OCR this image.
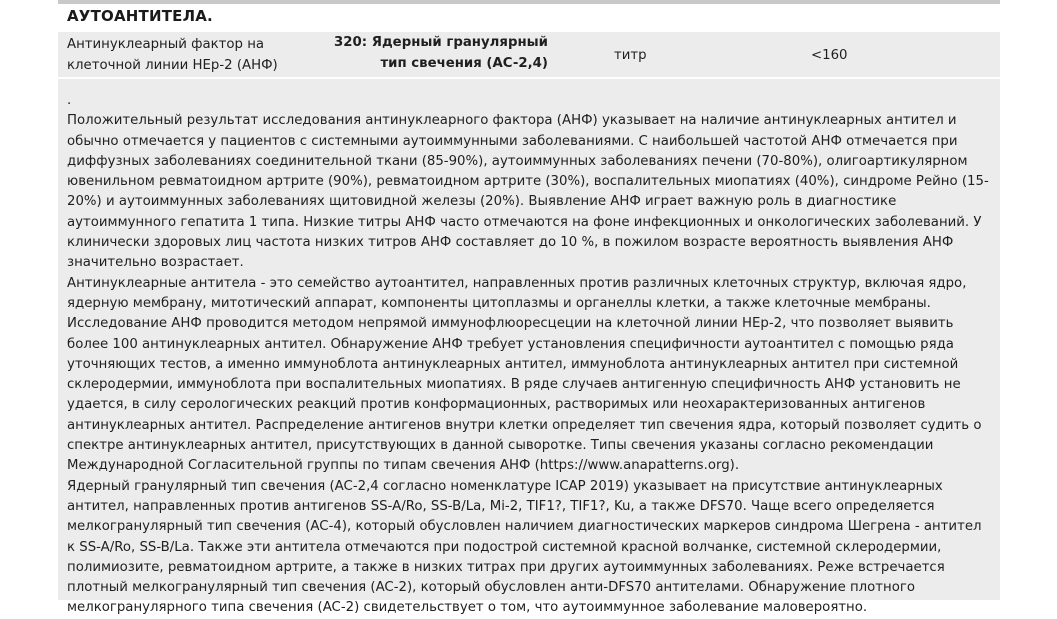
АУТОАНТИТЕЛА.
Антинуклеарный фактор на клеточной линии HEp-2 (АНФ)
320: Ядерный гранулярный
тип свечения (AC-2,4)
титр	<160

.

Положительный результат исследования антинуклеарного фактора (АНФ) указывает на наличие антинуклеарных антител и обычно отмечается у пациентов с системными аутоиммунными заболеваниями. С наибольшей частотой АНФ отмечается при диффузных заболеваниях соединительной ткани (85-90%), аутоиммунных заболеваниях печени (70-80%), олигоартикулярном ювенильном ревматоидном артрите (90%), ревматоидном артрите (30%), воспалительных миопатиях (40%), синдроме Рейно (15-20%) и аутоиммунных заболеваниях щитовидной железы (20%). Выявление АНФ играет важную роль в диагностике аутоиммунного гепатита 1 типа. Низкие титры АНФ часто отмечаются на фоне инфекционных и онкологических заболеваний. У клинически здоровых лиц частота низких титров АНФ составляет до 10 %, в пожилом возрасте вероятность выявления АНФ значительно возрастает.

Антинуклеарные антитела - это семейство аутоантител, направленных против различных клеточных структур, включая ядро, ядерную мембрану, митотический аппарат, компоненты цитоплазмы и органеллы клетки, а также клеточные мембраны. Исследование АНФ проводится методом непрямой иммунофлюоресцеции на клеточной линии HEp-2, что позволяет выявить более 100 антинуклеарных антител. Обнаружение АНФ требует установления специфичности аутоантител с помощью ряда уточняющих тестов, а именно иммуноблота антинуклеарных антител, иммуноблота антинуклеарных антител при системной склеродермии, иммуноблота при воспалительных миопатиях. В ряде случаев антигенную специфичность АНФ установить не удается, в силу серологических реакций против конформационных, растворимых или неохарактеризованных антигенов антинуклеарных антител. Распределение антигенов внутри клетки определяет тип свечения ядра, который позволяет судить о спектре антинуклеарных антител, присутствующих в данной сыворотке. Типы свечения указаны согласно рекомендации Международной Согласительной группы по типам свечения АНФ (https://www.anapatterns.org).

Ядерный гранулярный тип свечения (AC-2,4 согласно номенклатуре ICAP 2019) указывает на присутствие антинуклеарных антител, направленных против антигенов SS-A/Ro, SS-B/La, Mi-2, TIF1?, TIF1?, Ku, а также DFS70. Чаще всего определяется мелкогранулярный тип свечения (AC-4), который обусловлен наличием диагностических маркеров синдрома Шегрена - антител к SS-A/Ro, SS-B/La. Также эти антитела отмечаются при подострой системной красной волчанке, системной склеродермии, полимиозите, ревматоидном артрите, а также в низких титрах при других аутоиммунных заболеваниях. Реже встречается плотный мелкогранулярный тип свечения (AC-2), который обусловлен анти-DFS70 антителами. Обнаружение плотного мелкогранулярного типа свечения (AC-2) свидетельствует о том, что аутоиммунное заболевание маловероятно.
